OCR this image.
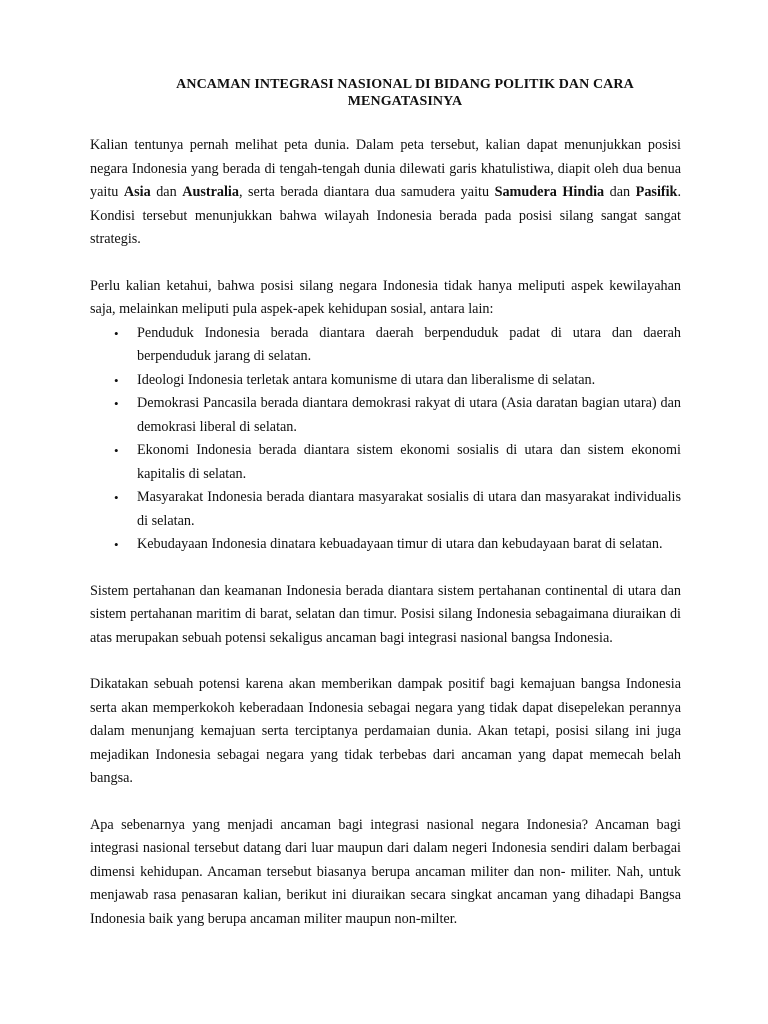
ANCAMAN INTEGRASI NASIONAL DI BIDANG POLITIK DAN CARA
MENGATASINYA

Kalian tentunya pernah melihat peta dunia. Dalam peta tersebut, kalian dapat menunjukkan posisi negara Indonesia yang berada di tengah-tengah dunia dilewati garis khatulistiwa, diapit oleh dua benua yaitu Asia dan Australia, serta berada diantara dua samudera yaitu Samudera Hindia dan Pasifik. Kondisi tersebut menunjukkan bahwa wilayah Indonesia berada pada posisi silang sangat sangat strategis.

Perlu kalian ketahui, bahwa posisi silang negara Indonesia tidak hanya meliputi aspek kewilayahan saja, melainkan meliputi pula aspek-apek kehidupan sosial, antara lain:

• Penduduk Indonesia berada diantara daerah berpenduduk padat di utara dan daerah berpenduduk jarang di selatan.
• Ideologi Indonesia terletak antara komunisme di utara dan liberalisme di selatan.
• Demokrasi Pancasila berada diantara demokrasi rakyat di utara (Asia daratan bagian utara) dan demokrasi liberal di selatan.
• Ekonomi Indonesia berada diantara sistem ekonomi sosialis di utara dan sistem ekonomi kapitalis di selatan.
• Masyarakat Indonesia berada diantara masyarakat sosialis di utara dan masyarakat individualis di selatan.
• Kebudayaan Indonesia dinatara kebuadayaan timur di utara dan kebudayaan barat di selatan.

Sistem pertahanan dan keamanan Indonesia berada diantara sistem pertahanan continental di utara dan sistem pertahanan maritim di barat, selatan dan timur. Posisi silang Indonesia sebagaimana diuraikan di atas merupakan sebuah potensi sekaligus ancaman bagi integrasi nasional bangsa Indonesia.

Dikatakan sebuah potensi karena akan memberikan dampak positif bagi kemajuan bangsa Indonesia serta akan memperkokoh keberadaan Indonesia sebagai negara yang tidak dapat disepelekan perannya dalam menunjang kemajuan serta terciptanya perdamaian dunia. Akan tetapi, posisi silang ini juga mejadikan Indonesia sebagai negara yang tidak terbebas dari ancaman yang dapat memecah belah bangsa.

Apa sebenarnya yang menjadi ancaman bagi integrasi nasional negara Indonesia? Ancaman bagi integrasi nasional tersebut datang dari luar maupun dari dalam negeri Indonesia sendiri dalam berbagai dimensi kehidupan. Ancaman tersebut biasanya berupa ancaman militer dan non- militer. Nah, untuk menjawab rasa penasaran kalian, berikut ini diuraikan secara singkat ancaman yang dihadapi Bangsa Indonesia baik yang berupa ancaman militer maupun non-milter.
